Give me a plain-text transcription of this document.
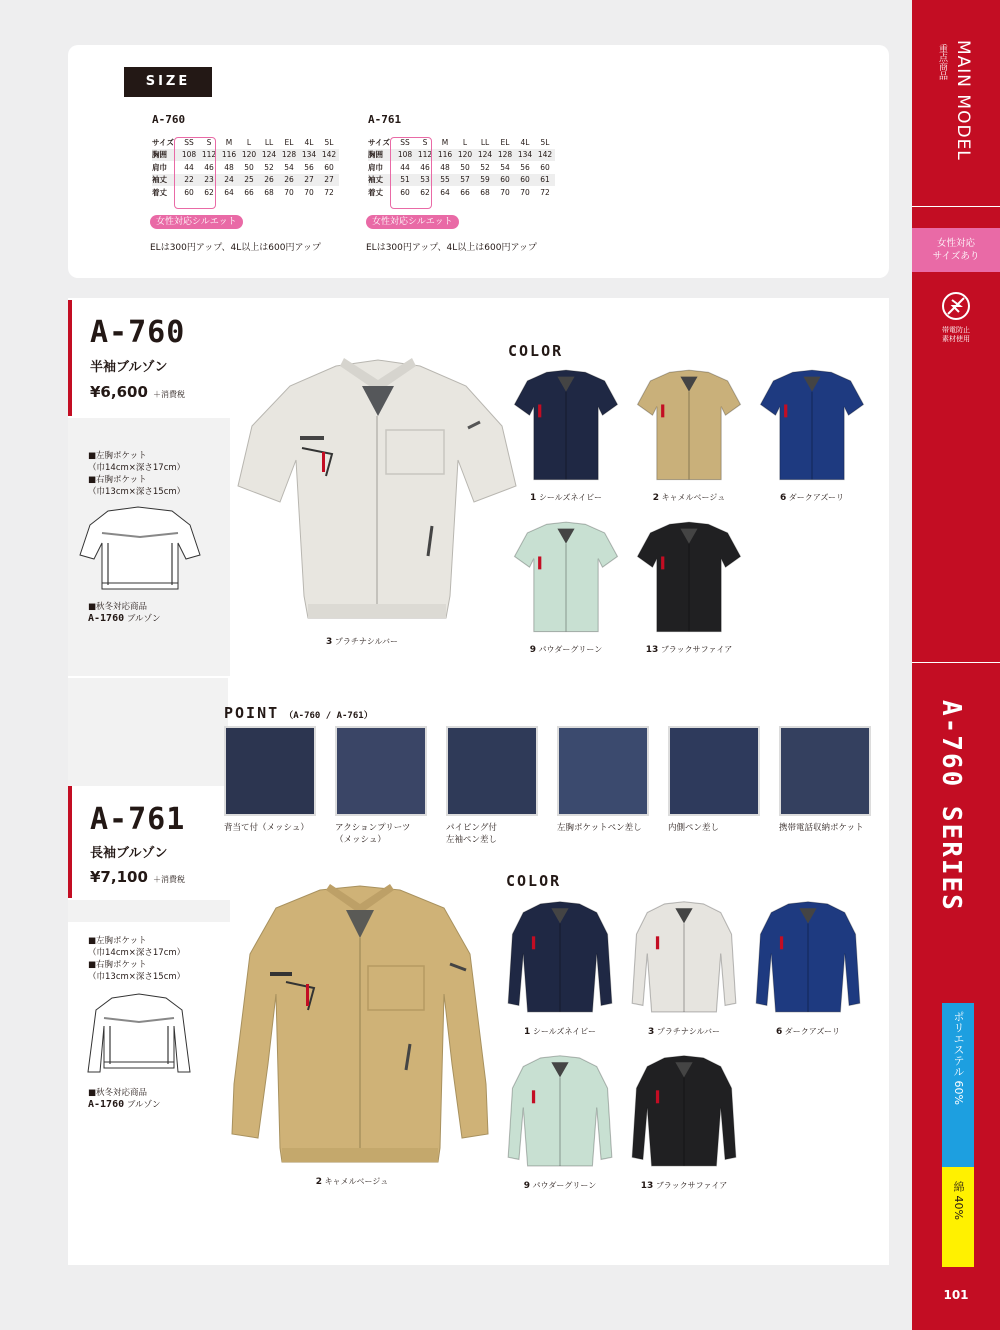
SIZE
A-760
サイズ	SS	S	M	L	LL	EL	4L	5L
胸囲	108	112	116	120	124	128	134	142
肩巾	44	46	48	50	52	54	56	60
袖丈	22	23	24	25	26	26	27	27
着丈	60	62	64	66	68	70	70	72
女性対応シルエット
ELは300円アップ、4L以上は600円アップ
A-761
サイズ	SS	S	M	L	LL	EL	4L	5L
胸囲	108	112	116	120	124	128	134	142
肩巾	44	46	48	50	52	54	56	60
袖丈	51	53	55	57	59	60	60	61
着丈	60	62	64	66	68	70	70	72
女性対応シルエット
ELは300円アップ、4L以上は600円アップ
A-760
半袖ブルゾン
¥6,600 ＋消費税
■左胸ポケット
（巾14cm×深さ17cm）
■右胸ポケット
（巾13cm×深さ15cm）
■秋冬対応商品
A-1760 ブルゾン
3 プラチナシルバー
COLOR
1 シールズネイビー	2 キャメルベージュ	6 ダークアズーリ
9 パウダーグリーン	13 ブラックサファイア
POINT （A-760 / A-761）
背当て付（メッシュ）	アクションプリーツ
（メッシュ）
パイピング付
左袖ペン差し
左胸ポケットペン差し	内側ペン差し	携帯電話収納ポケット
A-761
長袖ブルゾン
¥7,100 ＋消費税
■左胸ポケット
（巾14cm×深さ17cm）
■右胸ポケット
（巾13cm×深さ15cm）
■秋冬対応商品
A-1760 ブルゾン
2 キャメルベージュ
COLOR
1 シールズネイビー	3 プラチナシルバー	6 ダークアズーリ
9 パウダーグリーン	13 ブラックサファイア
MAIN MODEL
重点商品
女性対応
サイズあり
帯電防止
素材使用
A-760 SERIES
ポリエステル 60%
綿 40%
101
